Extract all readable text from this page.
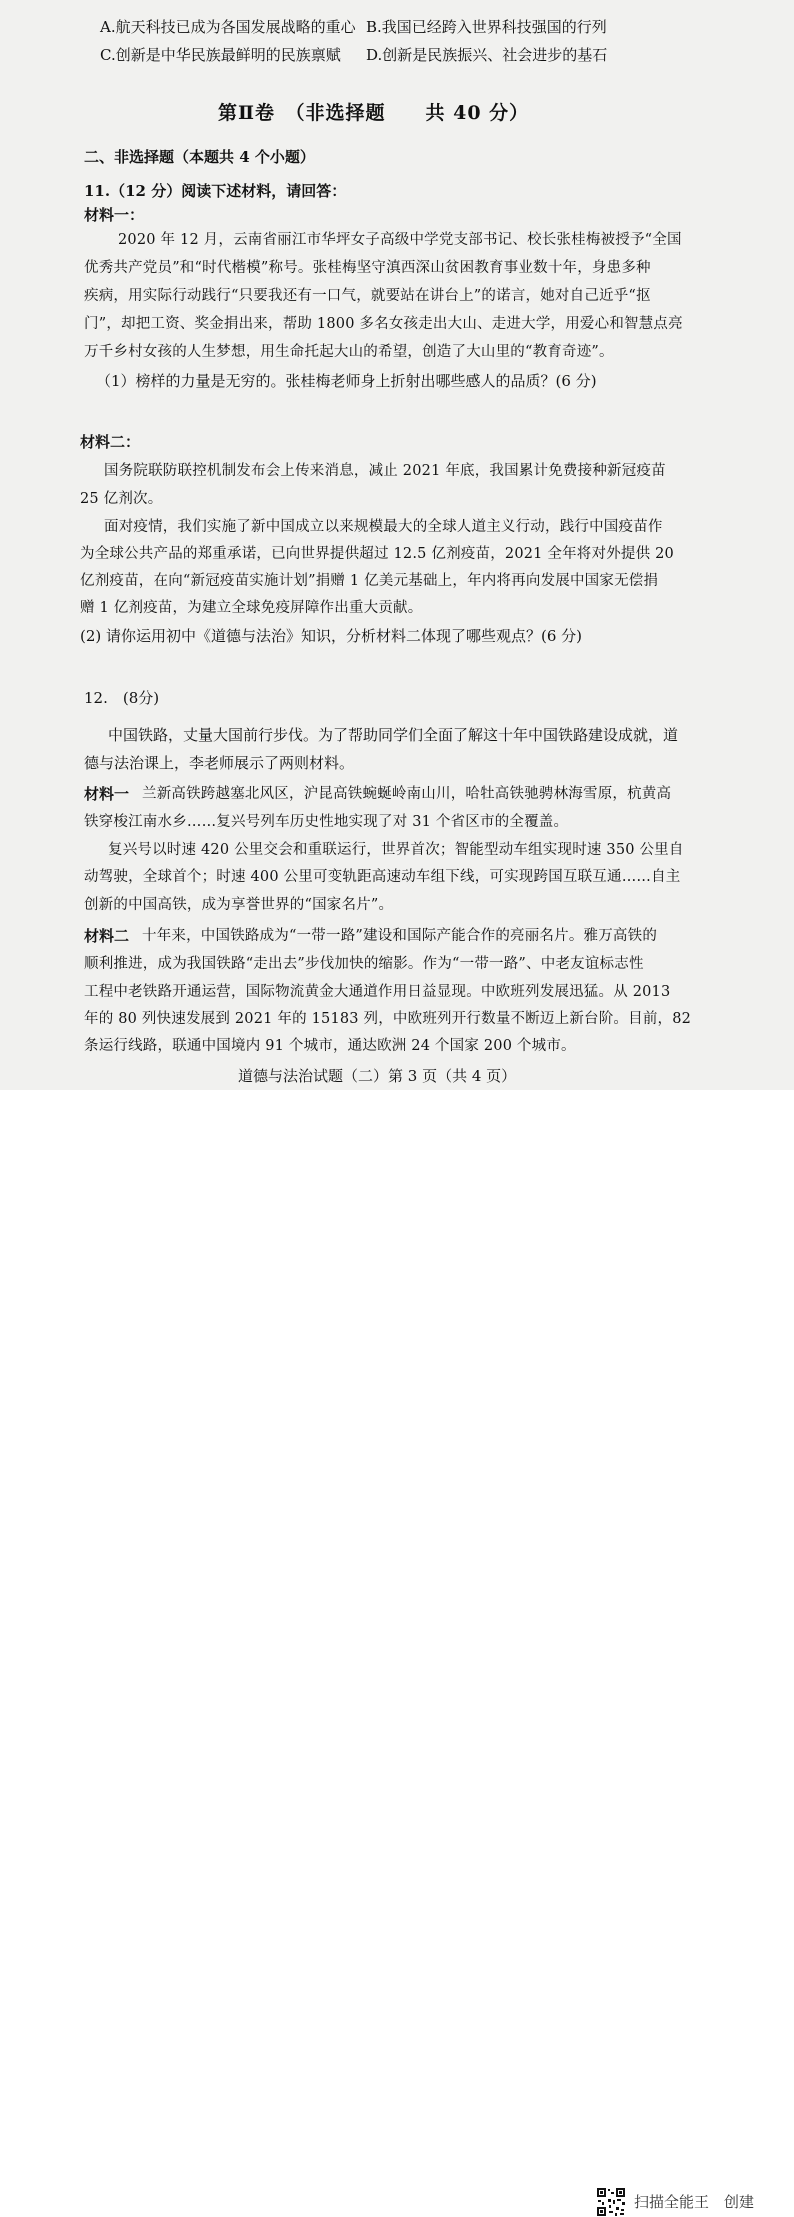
A.航天科技已成为各国发展战略的重心 B.我国已经跨入世界科技强国的行列
C.创新是中华民族最鲜明的民族禀赋 D.创新是民族振兴、社会进步的基石
第Ⅱ卷　（非选择题　　共 40 分）
二、非选择题（本题共 4 个小题）
11.（12 分）阅读下述材料，请回答：
材料一：
2020 年 12 月，云南省丽江市华坪女子高级中学党支部书记、校长张桂梅被授予“全国
优秀共产党员”和“时代楷模”称号。张桂梅坚守滇西深山贫困教育事业数十年，身患多种
疾病，用实际行动践行“只要我还有一口气，就要站在讲台上”的诺言，她对自己近乎“抠
门”，却把工资、奖金捐出来，帮助 1800 多名女孩走出大山、走进大学，用爱心和智慧点亮
万千乡村女孩的人生梦想，用生命托起大山的希望，创造了大山里的“教育奇迹”。
（1）榜样的力量是无穷的。张桂梅老师身上折射出哪些感人的品质？(6 分)
材料二：
国务院联防联控机制发布会上传来消息，减止 2021 年底，我国累计免费接种新冠疫苗
25 亿剂次。
面对疫情，我们实施了新中国成立以来规模最大的全球人道主义行动，践行中国疫苗作
为全球公共产品的郑重承诺，已向世界提供超过 12.5 亿剂疫苗，2021 全年将对外提供 20
亿剂疫苗，在向“新冠疫苗实施计划”捐赠 1 亿美元基础上，年内将再向发展中国家无偿捐
赠 1 亿剂疫苗，为建立全球免疫屏障作出重大贡献。
(2) 请你运用初中《道德与法治》知识，分析材料二体现了哪些观点？(6 分)
12.　(8分)
中国铁路，丈量大国前行步伐。为了帮助同学们全面了解这十年中国铁路建设成就，道
德与法治课上，李老师展示了两则材料。
材料一 兰新高铁跨越塞北风区，沪昆高铁蜿蜒岭南山川，哈牡高铁驰骋林海雪原，杭黄高
铁穿梭江南水乡……复兴号列车历史性地实现了对 31 个省区市的全覆盖。
复兴号以时速 420 公里交会和重联运行，世界首次；智能型动车组实现时速 350 公里自
动驾驶，全球首个；时速 400 公里可变轨距高速动车组下线，可实现跨国互联互通……自主
创新的中国高铁，成为享誉世界的“国家名片”。
材料二 十年来，中国铁路成为“一带一路”建设和国际产能合作的亮丽名片。雅万高铁的
顺利推进，成为我国铁路“走出去”步伐加快的缩影。作为“一带一路”、中老友谊标志性
工程中老铁路开通运营，国际物流黄金大通道作用日益显现。中欧班列发展迅猛。从 2013
年的 80 列快速发展到 2021 年的 15183 列，中欧班列开行数量不断迈上新台阶。目前，82
条运行线路，联通中国境内 91 个城市，通达欧洲 24 个国家 200 个城市。
道德与法治试题（二）第 3 页（共 4 页）
扫描全能王　创建
